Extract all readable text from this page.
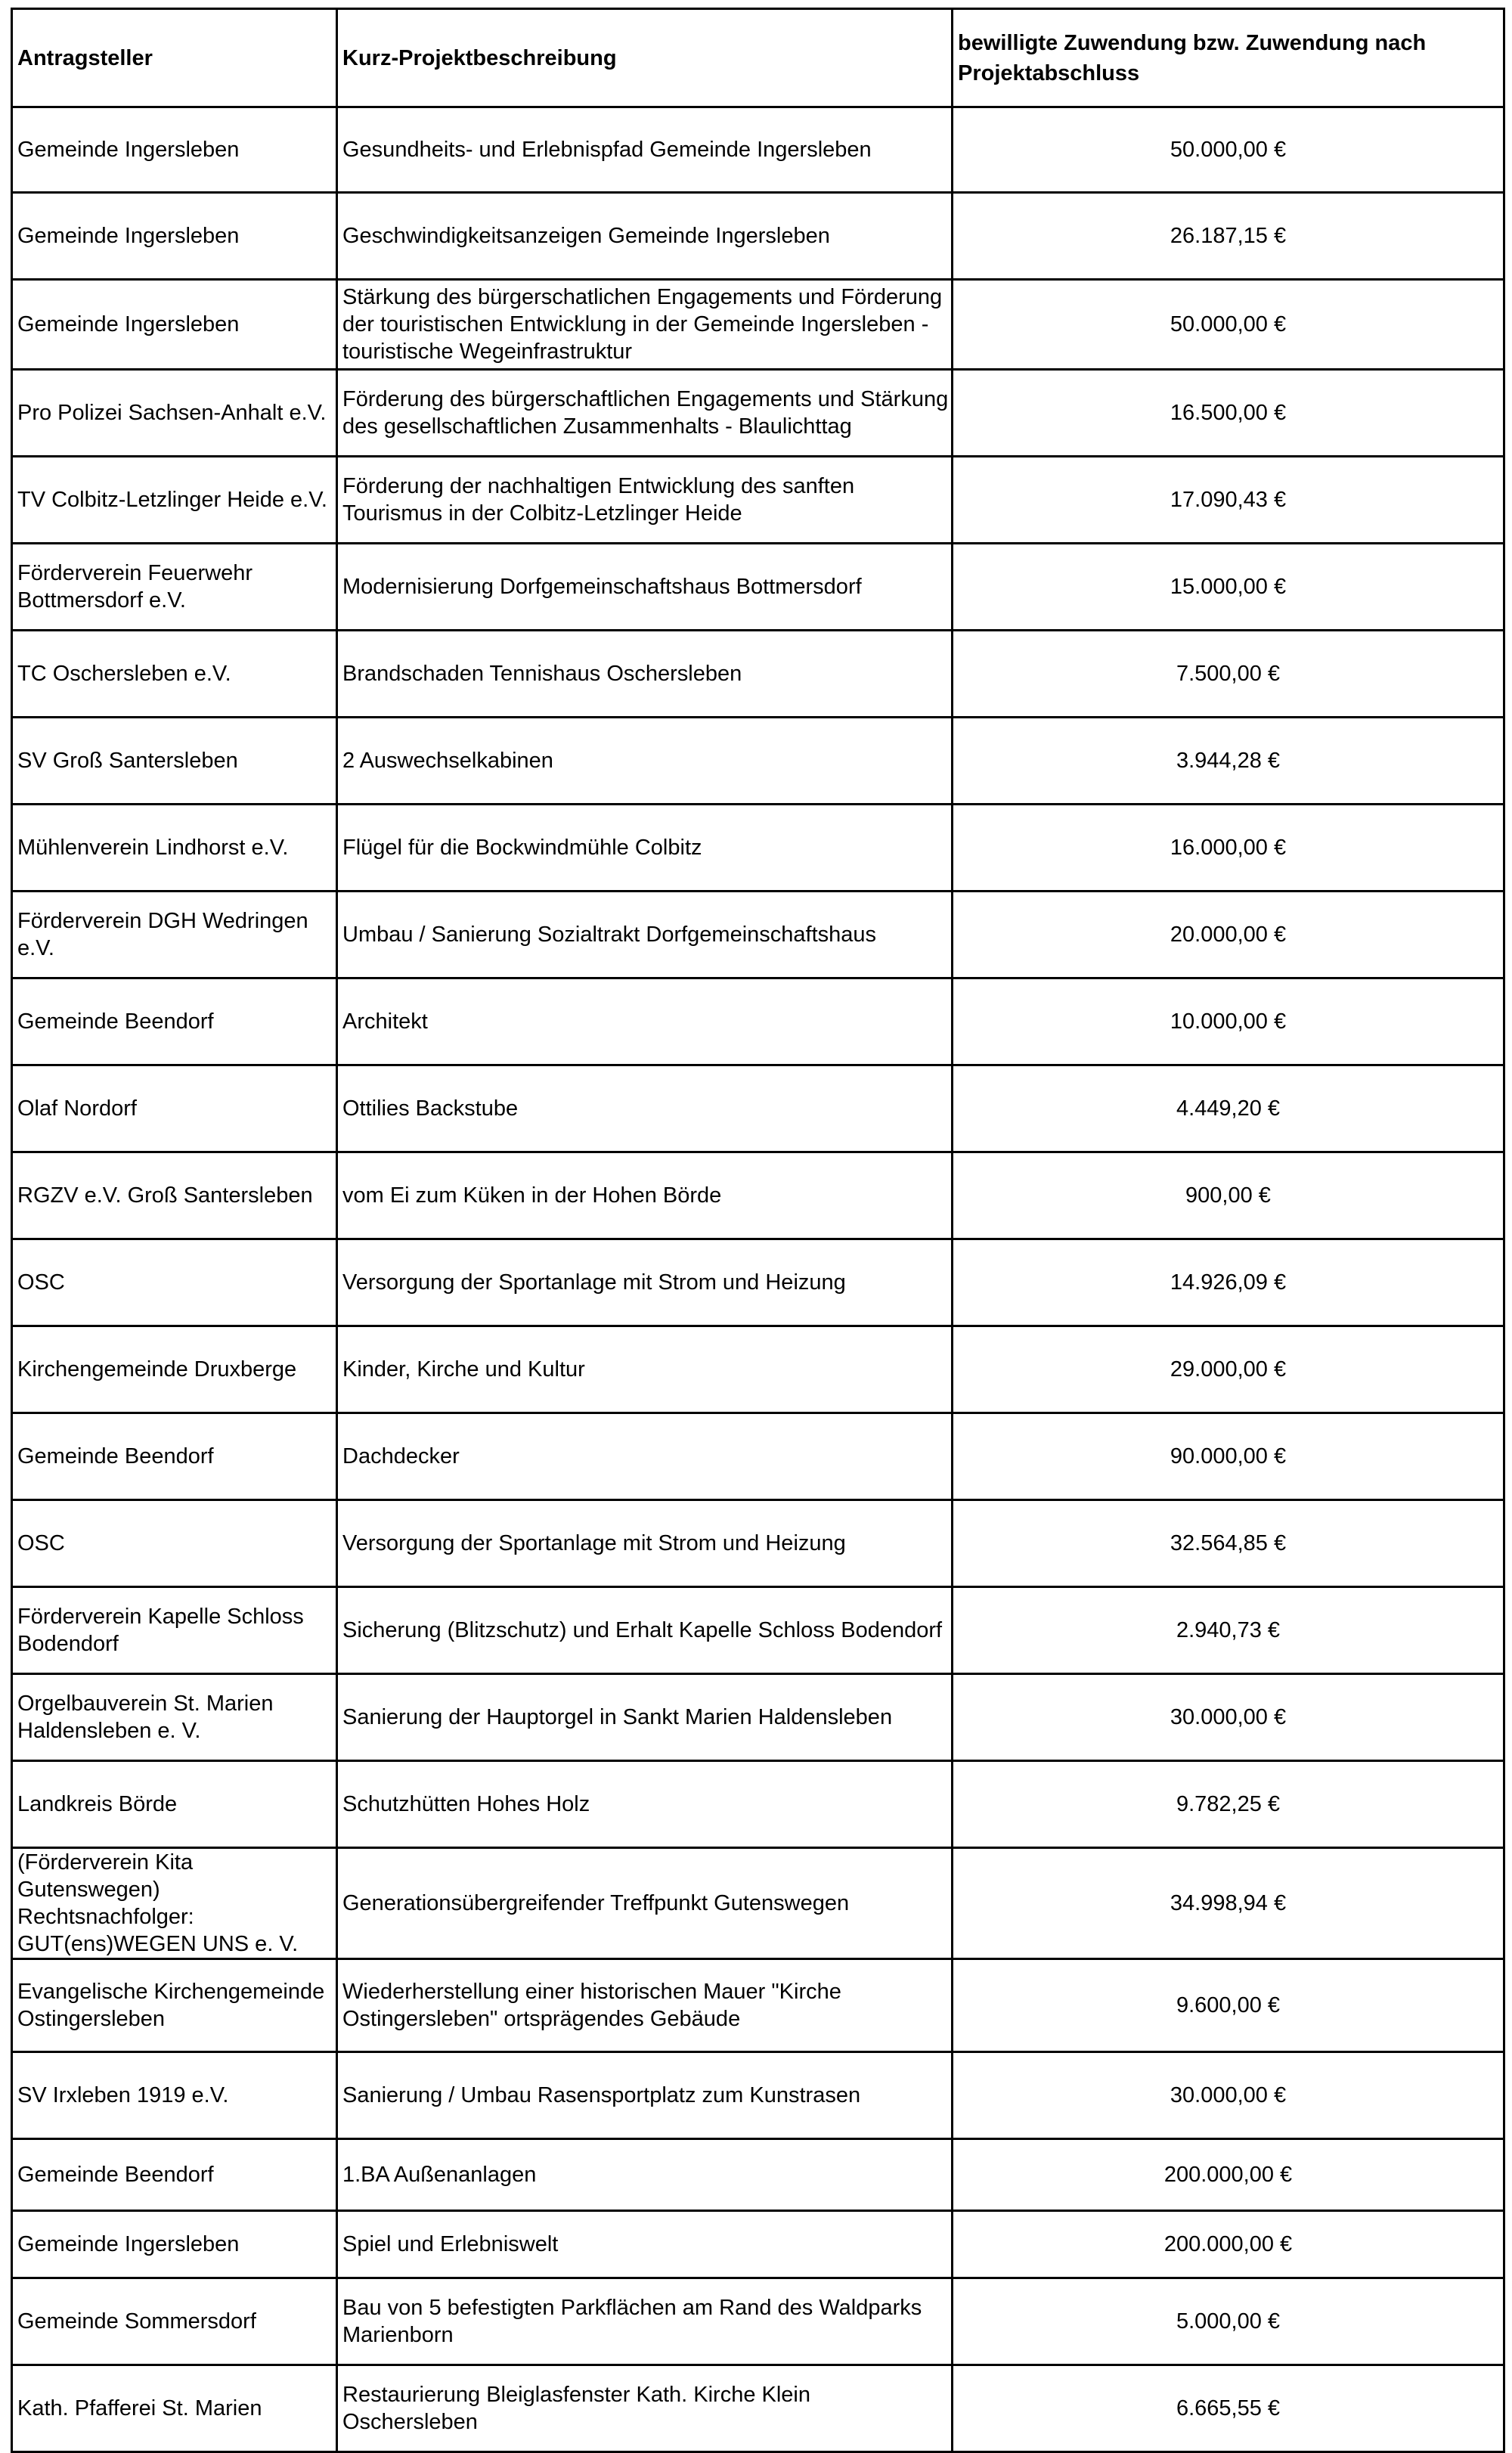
Antragsteller	Kurz-Projektbeschreibung	bewilligte Zuwendung bzw. Zuwendung nach Projektabschluss
Gemeinde Ingersleben	Gesundheits- und Erlebnispfad Gemeinde Ingersleben	50.000,00 €
Gemeinde Ingersleben	Geschwindigkeitsanzeigen Gemeinde Ingersleben	26.187,15 €
Gemeinde Ingersleben	Stärkung des bürgerschatlichen Engagements und Förderung der touristischen Entwicklung in der Gemeinde Ingersleben - touristische Wegeinfrastruktur	50.000,00 €
Pro Polizei Sachsen-Anhalt e.V.	Förderung des bürgerschaftlichen Engagements und Stärkung des gesellschaftlichen Zusammenhalts - Blaulichttag	16.500,00 €
TV Colbitz-Letzlinger Heide e.V.	Förderung der nachhaltigen Entwicklung des sanften Tourismus in der Colbitz-Letzlinger Heide	17.090,43 €
Förderverein Feuerwehr Bottmersdorf e.V.	Modernisierung Dorfgemeinschaftshaus Bottmersdorf	15.000,00 €
TC Oschersleben e.V.	Brandschaden Tennishaus Oschersleben	7.500,00 €
SV Groß Santersleben	2 Auswechselkabinen	3.944,28 €
Mühlenverein Lindhorst e.V.	Flügel für die Bockwindmühle Colbitz	16.000,00 €
Förderverein DGH Wedringen e.V.	Umbau / Sanierung Sozialtrakt Dorfgemeinschaftshaus	20.000,00 €
Gemeinde Beendorf	Architekt	10.000,00 €
Olaf Nordorf	Ottilies Backstube	4.449,20 €
RGZV e.V. Groß Santersleben	vom Ei zum Küken in der Hohen Börde	900,00 €
OSC	Versorgung der Sportanlage mit Strom und Heizung	14.926,09 €
Kirchengemeinde Druxberge	Kinder, Kirche und Kultur	29.000,00 €
Gemeinde Beendorf	Dachdecker	90.000,00 €
OSC	Versorgung der Sportanlage mit Strom und Heizung	32.564,85 €
Förderverein Kapelle Schloss Bodendorf	Sicherung (Blitzschutz) und Erhalt Kapelle Schloss Bodendorf	2.940,73 €
Orgelbauverein St. Marien Haldensleben e. V.	Sanierung der Hauptorgel in Sankt Marien Haldensleben	30.000,00 €
Landkreis Börde	Schutzhütten Hohes Holz	9.782,25 €
(Förderverein Kita Gutenswegen) Rechtsnachfolger: GUT(ens)WEGEN UNS e. V.	Generationsübergreifender Treffpunkt Gutenswegen	34.998,94 €
Evangelische Kirchengemeinde Ostingersleben	Wiederherstellung einer historischen Mauer "Kirche Ostingersleben" ortsprägendes Gebäude	9.600,00 €
SV Irxleben 1919 e.V.	Sanierung / Umbau Rasensportplatz zum Kunstrasen	30.000,00 €
Gemeinde Beendorf	1.BA Außenanlagen	200.000,00 €
Gemeinde Ingersleben	Spiel und Erlebniswelt	200.000,00 €
Gemeinde Sommersdorf	Bau von 5 befestigten Parkflächen am Rand des Waldparks Marienborn	5.000,00 €
Kath. Pfafferei St. Marien	Restaurierung Bleiglasfenster Kath. Kirche Klein Oschersleben	6.665,55 €
